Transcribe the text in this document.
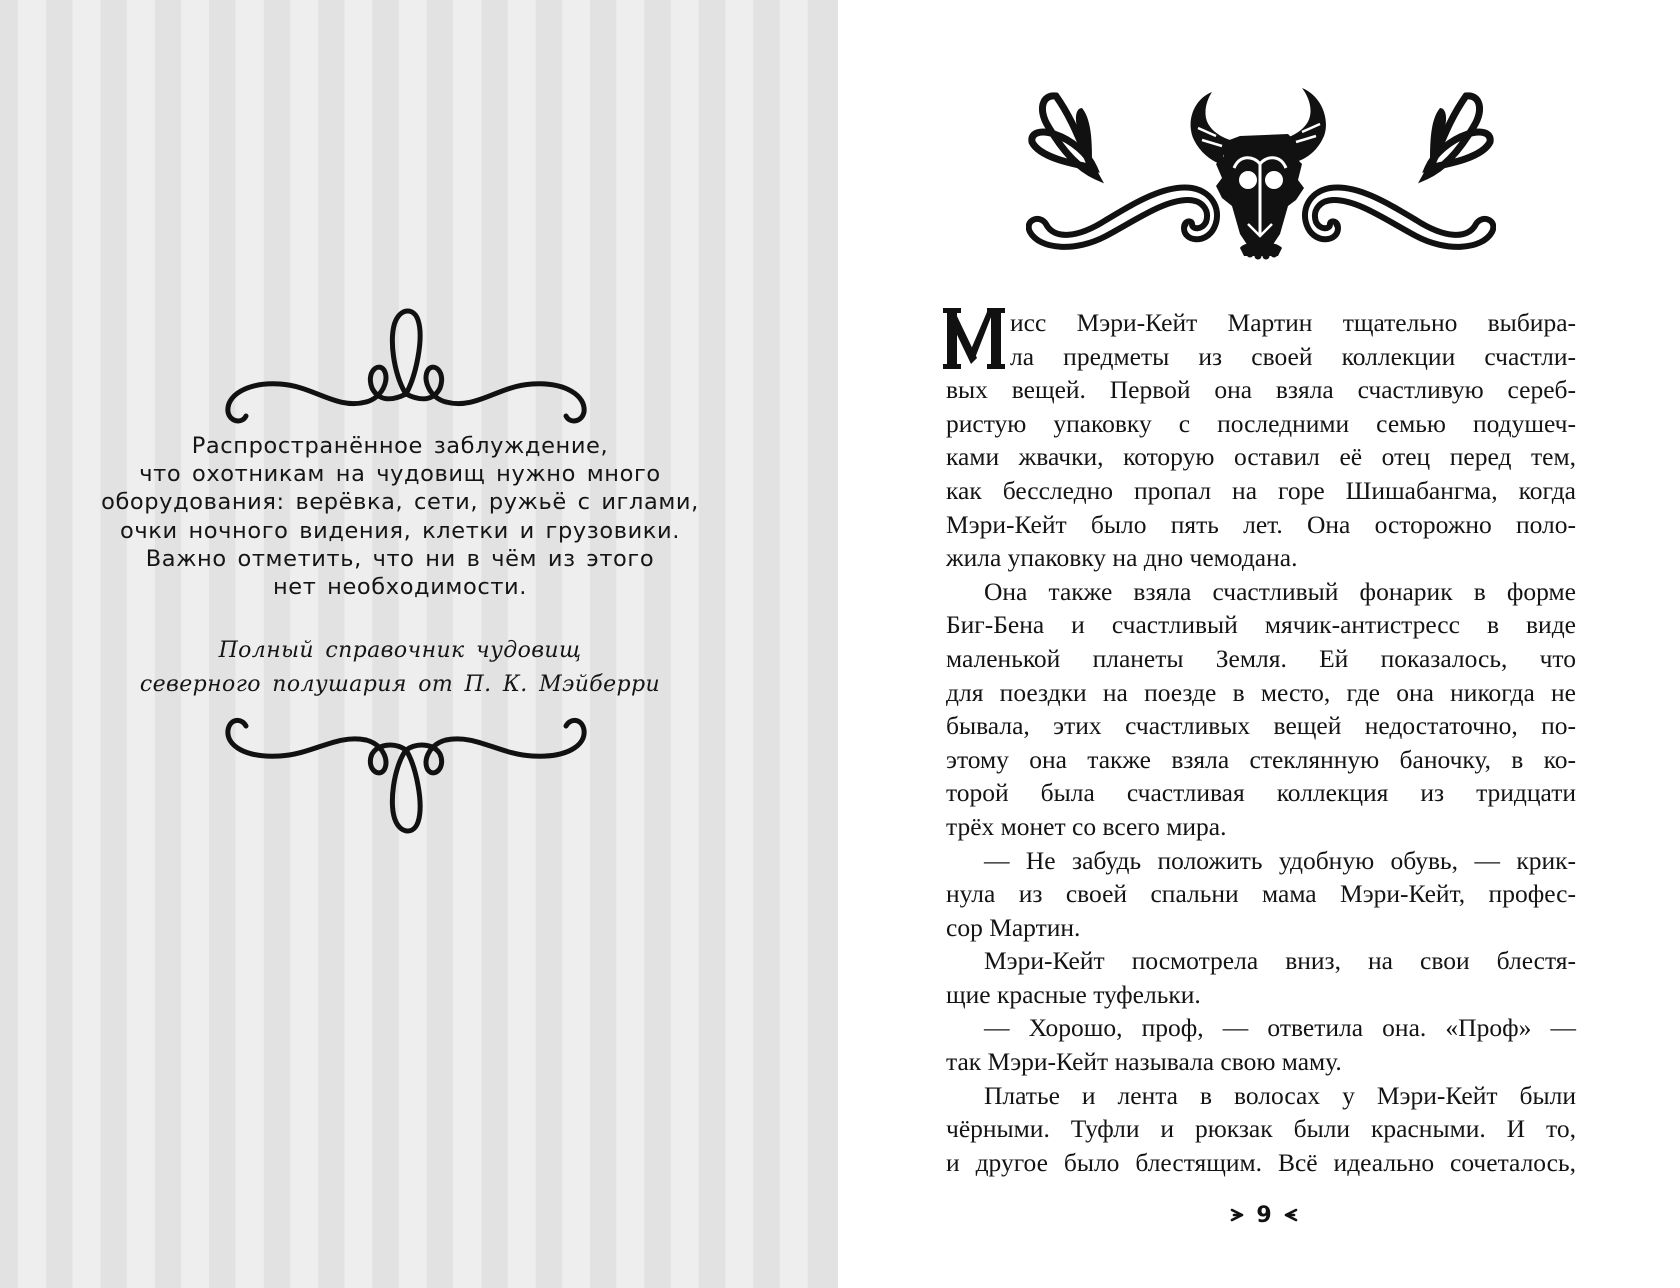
Распространённое заблуждение,
что охотникам на чудовищ нужно много
оборудования: верёвка, сети, ружьё с иглами,
очки ночного видения, клетки и грузовики.
Важно отметить, что ни в чём из этого
нет необходимости.
Полный справочник чудовищ
северного полушария от П. К. Мэйберри
исс Мэри-Кейт Мартин тщательно выбира-
ла предметы из своей коллекции счастли-
вых вещей. Первой она взяла счастливую сереб-
ристую упаковку с последними семью подушеч-
ками жвачки, которую оставил её отец перед тем,
как бесследно пропал на горе Шишабангма, когда
Мэри-Кейт было пять лет. Она осторожно поло-
жила упаковку на дно чемодана.
Она также взяла счастливый фонарик в форме
Биг-Бена и счастливый мячик-антистресс в виде
маленькой планеты Земля. Ей показалось, что
для поездки на поезде в место, где она никогда не
бывала, этих счастливых вещей недостаточно, по-
этому она также взяла стеклянную баночку, в ко-
торой была счастливая коллекция из тридцати
трёх монет со всего мира.
— Не забудь положить удобную обувь, — крик-
нула из своей спальни мама Мэри-Кейт, профес-
сор Мартин.
Мэри-Кейт посмотрела вниз, на свои блестя-
щие красные туфельки.
— Хорошо, проф, — ответила она. «Проф» —
так Мэри-Кейт называла свою маму.
Платье и лента в волосах у Мэри-Кейт были
чёрными. Туфли и рюкзак были красными. И то,
и другое было блестящим. Всё идеально сочеталось,
9
